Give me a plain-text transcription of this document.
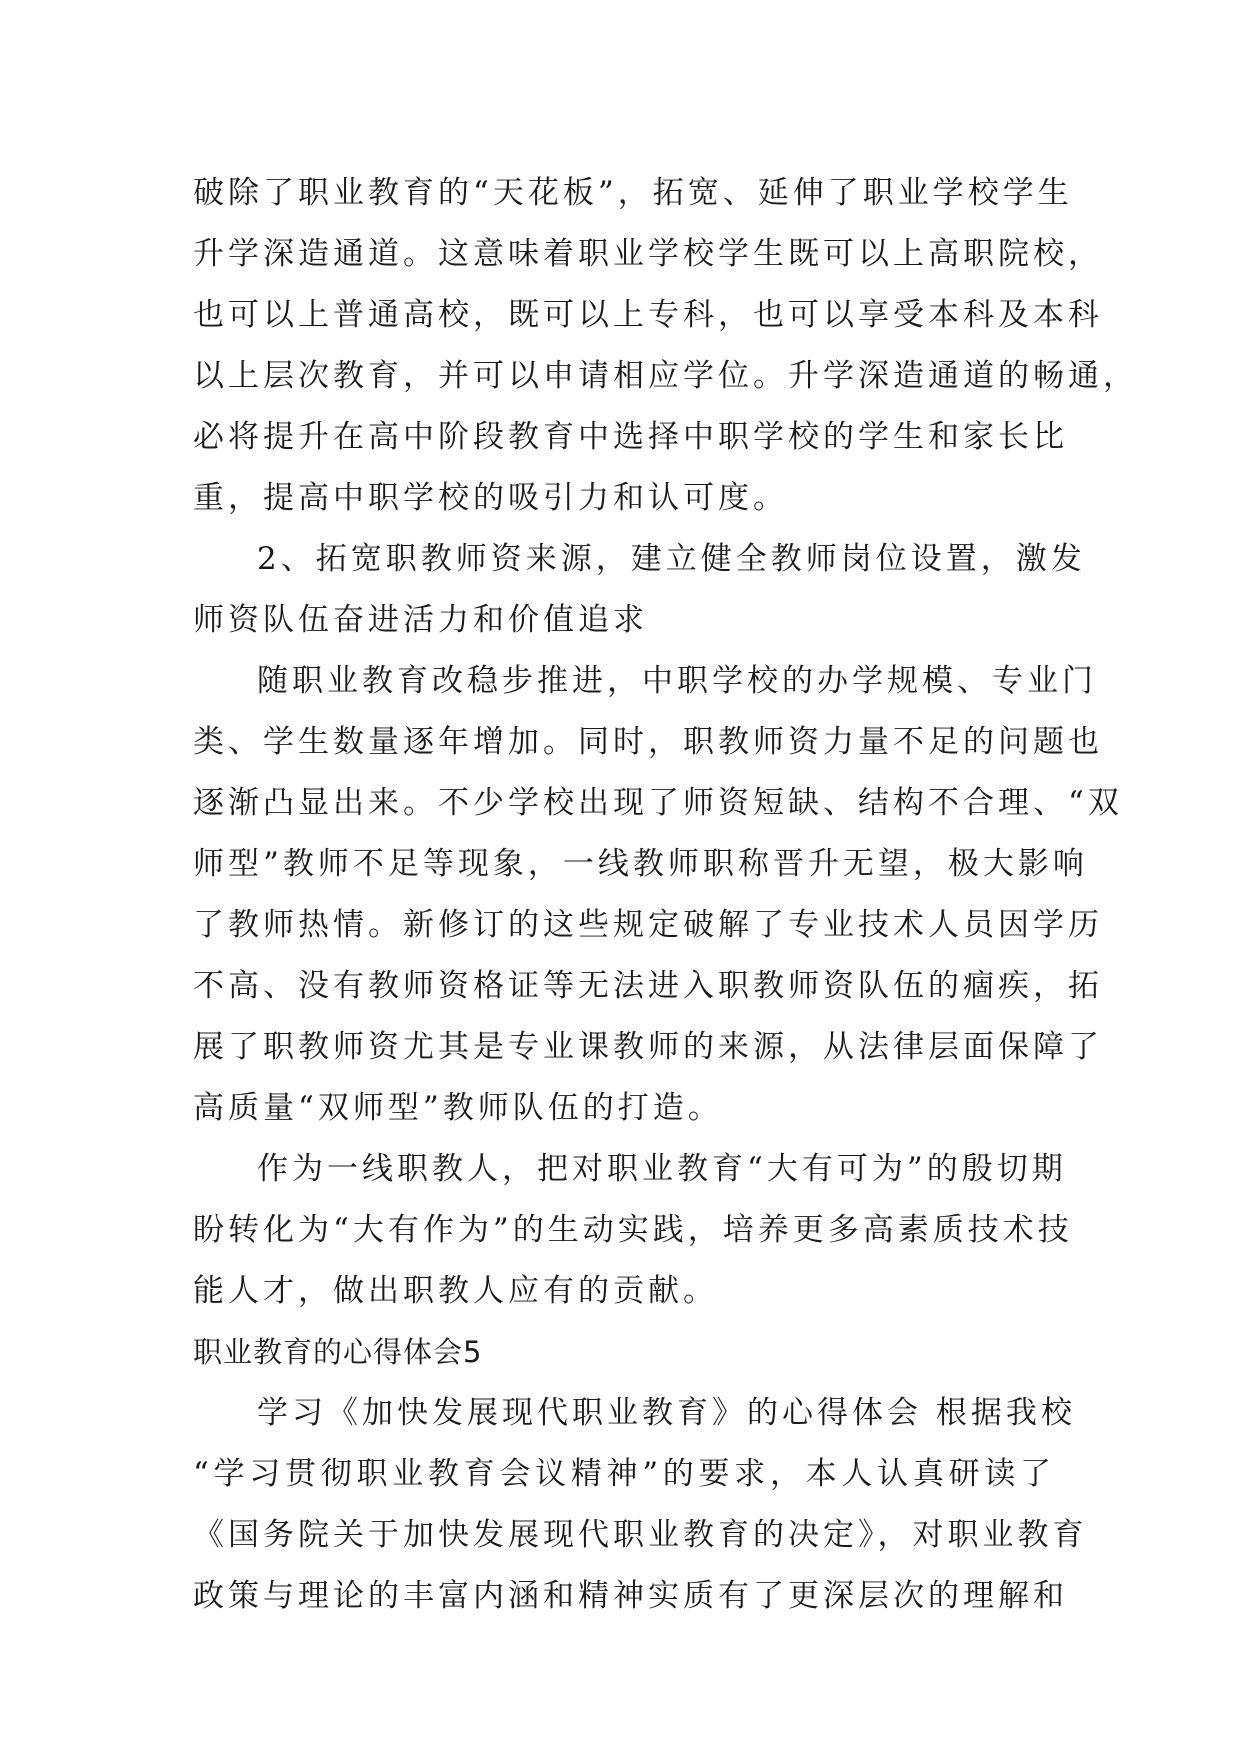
破除了职业教育的“天花板”，拓宽、延伸了职业学校学生
升学深造通道。这意味着职业学校学生既可以上高职院校，
也可以上普通高校，既可以上专科，也可以享受本科及本科
以上层次教育，并可以申请相应学位。升学深造通道的畅通，
必将提升在高中阶段教育中选择中职学校的学生和家长比
重，提高中职学校的吸引力和认可度。
2、拓宽职教师资来源，建立健全教师岗位设置，激发
师资队伍奋进活力和价值追求
随职业教育改稳步推进，中职学校的办学规模、专业门
类、学生数量逐年增加。同时，职教师资力量不足的问题也
逐渐凸显出来。不少学校出现了师资短缺、结构不合理、“双
师型”教师不足等现象，一线教师职称晋升无望，极大影响
了教师热情。新修订的这些规定破解了专业技术人员因学历
不高、没有教师资格证等无法进入职教师资队伍的痼疾，拓
展了职教师资尤其是专业课教师的来源，从法律层面保障了
高质量“双师型”教师队伍的打造。
作为一线职教人，把对职业教育“大有可为”的殷切期
盼转化为“大有作为”的生动实践，培养更多高素质技术技
能人才，做出职教人应有的贡献。
职业教育的心得体会5
学习《加快发展现代职业教育》的心得体会 根据我校
“学习贯彻职业教育会议精神”的要求，本人认真研读了
《国务院关于加快发展现代职业教育的决定》，对职业教育
政策与理论的丰富内涵和精神实质有了更深层次的理解和
